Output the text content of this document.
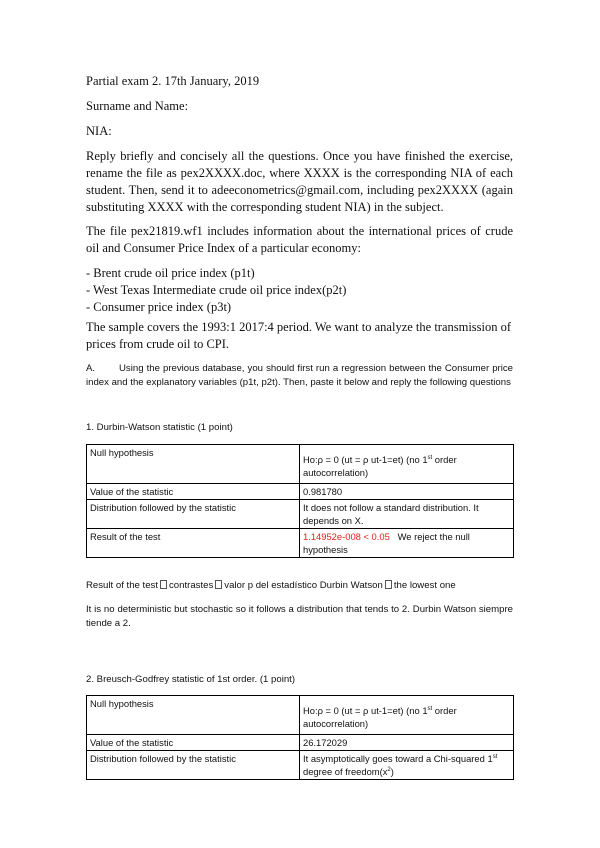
Partial exam 2. 17th January, 2019
Surname and Name:
NIA:
Reply briefly and concisely all the questions. Once you have finished the exercise, rename the file as pex2XXXX.doc, where XXXX is the corresponding NIA of each student. Then, send it to adeeconometrics@gmail.com, including pex2XXXX (again substituting XXXX with the corresponding student NIA) in the subject.
The file pex21819.wf1 includes information about the international prices of crude oil and Consumer Price Index of a particular economy:
- Brent crude oil price index (p1t)
- West Texas Intermediate crude oil price index(p2t)
- Consumer price index (p3t)
The sample covers the 1993:1 2017:4 period. We want to analyze the transmission of prices from crude oil to CPI.
A. Using the previous database, you should first run a regression between the Consumer price index and the explanatory variables (p1t, p2t). Then, paste it below and reply the following questions
1. Durbin-Watson statistic (1 point)
Null hypothesis	Ho:ρ = 0 (ut = ρ ut-1=et) (no 1st order autocorrelation)

Value of the statistic	0.981780
Distribution followed by the statistic	It does not follow a standard distribution. It depends on X.
Result of the test	1.14952e-008 < 0.05   We reject the null hypothesis
Result of the test contrastes valor p del estadístico Durbin Watson the lowest one
It is no deterministic but stochastic so it follows a distribution that tends to 2. Durbin Watson siempre tiende a 2.
2. Breusch-Godfrey statistic of 1st order. (1 point)
Null hypothesis	Ho:ρ = 0 (ut = ρ ut-1=et) (no 1st order autocorrelation)

Value of the statistic	26.172029
Distribution followed by the statistic	It asymptotically goes toward a Chi-squared 1st degree of $freedom(x^2)$
